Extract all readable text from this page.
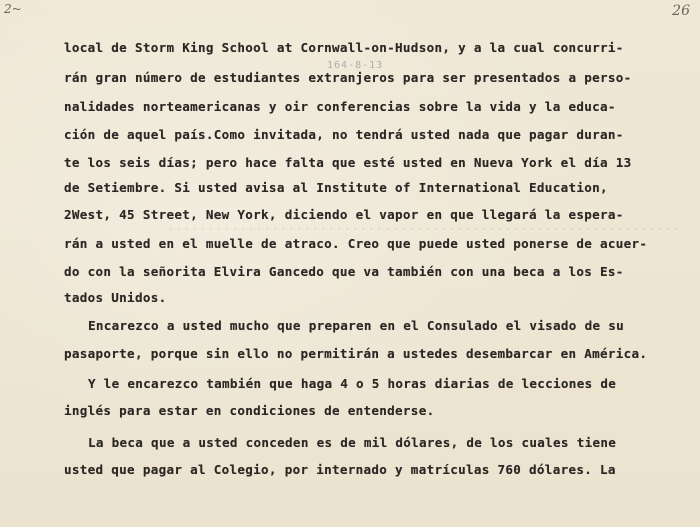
................................................................
2~	26
164-8-13
local de Storm King School at Cornwall-on-Hudson, y a la cual concurri-
rán gran número de estudiantes extranjeros para ser presentados a perso-
nalidades norteamericanas y oir conferencias sobre la vida y la educa-
ción de aquel país.Como invitada, no tendrá usted nada que pagar duran-
te los seis días; pero hace falta que esté usted en Nueva York el día 13
de Setiembre. Si usted avisa al Institute of International Education,
2West, 45 Street, New York, diciendo el vapor en que llegará la espera-
rán a usted en el muelle de atraco. Creo que puede usted ponerse de acuer-
do con la señorita Elvira Gancedo que va también con una beca a los Es-
tados Unidos.
Encarezco a usted mucho que preparen en el Consulado el visado de su
pasaporte, porque sin ello no permitirán a ustedes desembarcar en América.
Y le encarezco también que haga 4 o 5 horas diarias de lecciones de
inglés para estar en condiciones de entenderse.
La beca que a usted conceden es de mil dólares, de los cuales tiene
usted que pagar al Colegio, por internado y matrículas 760 dólares. La
